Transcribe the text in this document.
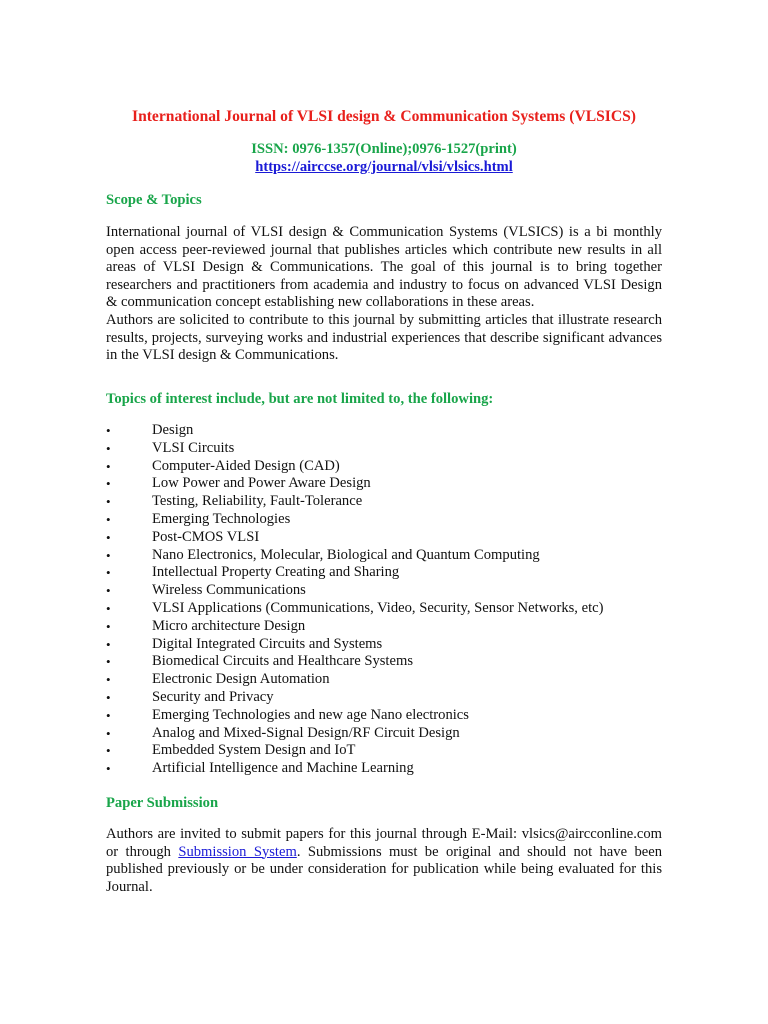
International Journal of VLSI design & Communication Systems (VLSICS)
ISSN: 0976-1357(Online);0976-1527(print)
https://airccse.org/journal/vlsi/vlsics.html
Scope & Topics
International journal of VLSI design & Communication Systems (VLSICS) is a bi monthly open access peer-reviewed journal that publishes articles which contribute new results in all areas of VLSI Design & Communications. The goal of this journal is to bring together researchers and practitioners from academia and industry to focus on advanced VLSI Design & communication concept establishing new collaborations in these areas.
Authors are solicited to contribute to this journal by submitting articles that illustrate research results, projects, surveying works and industrial experiences that describe significant advances in the VLSI design & Communications.
Topics of interest include, but are not limited to, the following:
•	Design
•	VLSI Circuits
•	Computer-Aided Design (CAD)
•	Low Power and Power Aware Design
•	Testing, Reliability, Fault-Tolerance
•	Emerging Technologies
•	Post-CMOS VLSI
•	Nano Electronics, Molecular, Biological and Quantum Computing
•	Intellectual Property Creating and Sharing
•	Wireless Communications
•	VLSI Applications (Communications, Video, Security, Sensor Networks, etc)
•	Micro architecture Design
•	Digital Integrated Circuits and Systems
•	Biomedical Circuits and Healthcare Systems
•	Electronic Design Automation
•	Security and Privacy
•	Emerging Technologies and new age Nano electronics
•	Analog and Mixed-Signal Design/RF Circuit Design
•	Embedded System Design and IoT
•	Artificial Intelligence and Machine Learning
Paper Submission
Authors are invited to submit papers for this journal through E-Mail: vlsics@aircconline.com or through Submission System. Submissions must be original and should not have been published previously or be under consideration for publication while being evaluated for this Journal.
